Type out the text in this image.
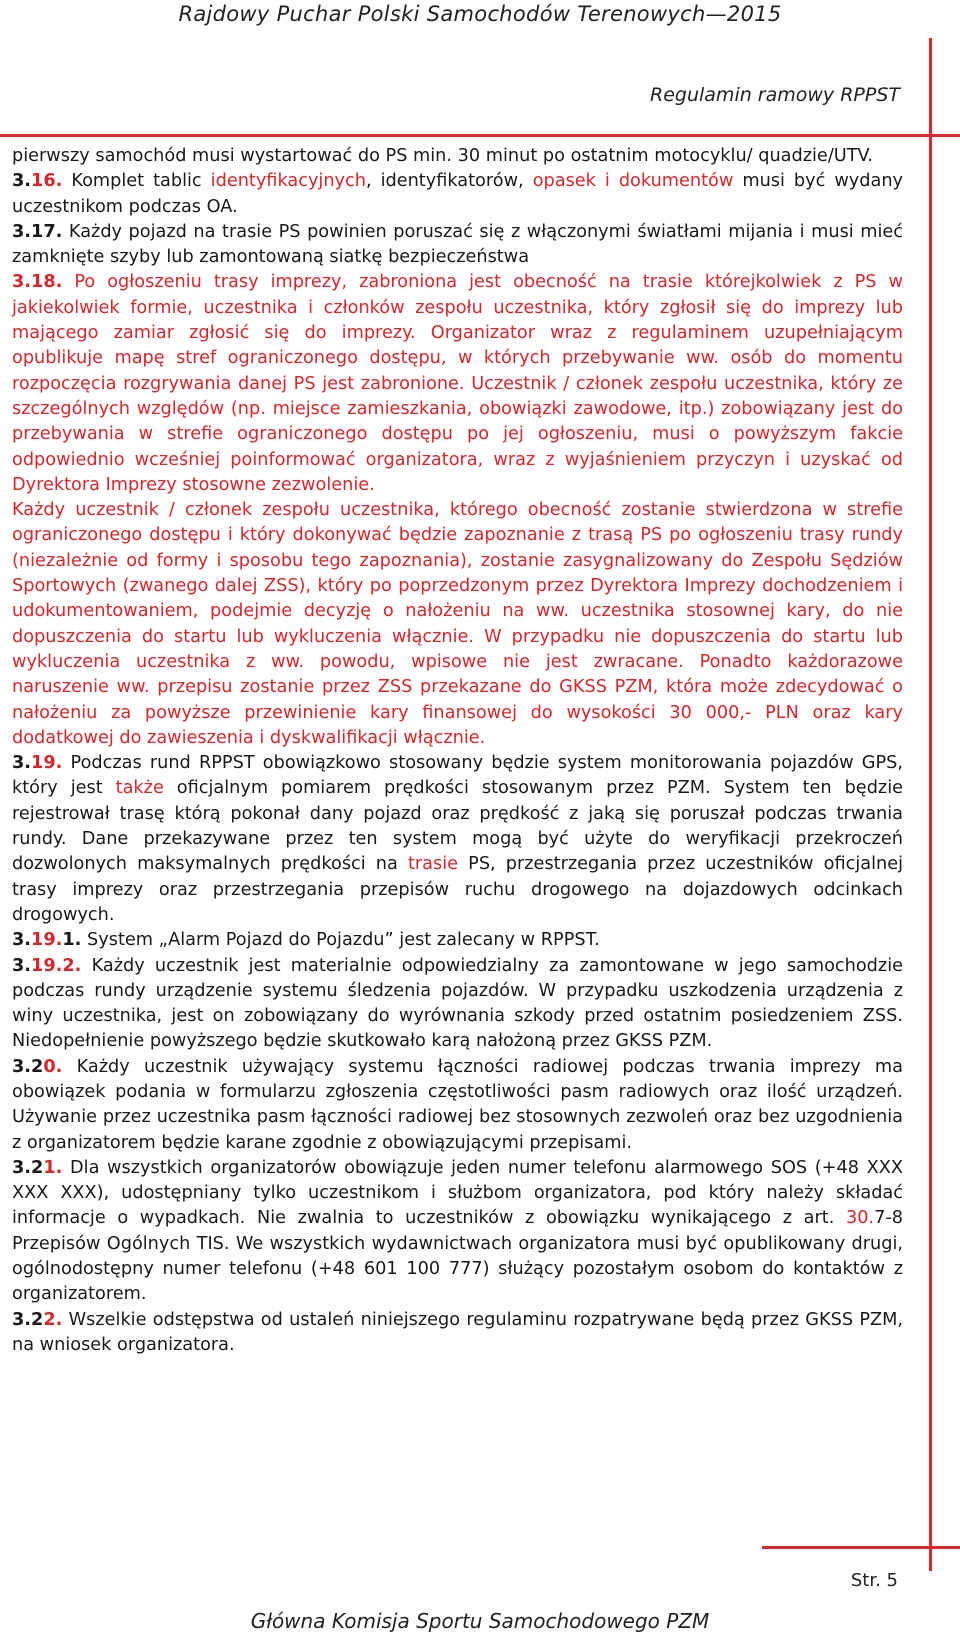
Rajdowy Puchar Polski Samochodów Terenowych—2015
Regulamin ramowy RPPST

pierwszy samochód musi wystartować do PS min. 30 minut po ostatnim motocyklu/ quadzie/UTV.

3.16. Komplet tablic identyfikacyjnych, identyfikatorów, opasek i dokumentów musi być wydany uczestnikom podczas OA.

3.17. Każdy pojazd na trasie PS powinien poruszać się z włączonymi światłami mijania i musi mieć zamknięte szyby lub zamontowaną siatkę bezpieczeństwa

3.18. Po ogłoszeniu trasy imprezy, zabroniona jest obecność na trasie którejkolwiek z PS w jakiekolwiek formie, uczestnika i członków zespołu uczestnika, który zgłosił się do imprezy lub mającego zamiar zgłosić się do imprezy. Organizator wraz z regulaminem uzupełniającym opublikuje mapę stref ograniczonego dostępu, w których przebywanie ww. osób do momentu rozpoczęcia rozgrywania danej PS jest zabronione. Uczestnik / członek zespołu uczestnika, który ze szczególnych względów (np. miejsce zamieszkania, obowiązki zawodowe, itp.) zobowiązany jest do przebywania w strefie ograniczonego dostępu po jej ogłoszeniu, musi o powyższym fakcie odpowiednio wcześniej poinformować organizatora, wraz z wyjaśnieniem przyczyn i uzyskać od Dyrektora Imprezy stosowne zezwolenie.

Każdy uczestnik / członek zespołu uczestnika, którego obecność zostanie stwierdzona w strefie ograniczonego dostępu i który dokonywać będzie zapoznanie z trasą PS po ogłoszeniu trasy rundy (niezależnie od formy i sposobu tego zapoznania), zostanie zasygnalizowany do Zespołu Sędziów Sportowych (zwanego dalej ZSS), który po poprzedzonym przez Dyrektora Imprezy dochodzeniem i udokumentowaniem, podejmie decyzję o nałożeniu na ww. uczestnika stosownej kary, do nie dopuszczenia do startu lub wykluczenia włącznie. W przypadku nie dopuszczenia do startu lub wykluczenia uczestnika z ww. powodu, wpisowe nie jest zwracane. Ponadto każdorazowe naruszenie ww. przepisu zostanie przez ZSS przekazane do GKSS PZM, która może zdecydować o nałożeniu za powyższe przewinienie kary finansowej do wysokości 30 000,- PLN oraz kary dodatkowej do zawieszenia i dyskwalifikacji włącznie.

3.19. Podczas rund RPPST obowiązkowo stosowany będzie system monitorowania pojazdów GPS, który jest także oficjalnym pomiarem prędkości stosowanym przez PZM. System ten będzie rejestrował trasę którą pokonał dany pojazd oraz prędkość z jaką się poruszał podczas trwania rundy. Dane przekazywane przez ten system mogą być użyte do weryfikacji przekroczeń dozwolonych maksymalnych prędkości na trasie PS, przestrzegania przez uczestników oficjalnej trasy imprezy oraz przestrzegania przepisów ruchu drogowego na dojazdowych odcinkach drogowych.

3.19.1. System „Alarm Pojazd do Pojazdu” jest zalecany w RPPST.

3.19.2. Każdy uczestnik jest materialnie odpowiedzialny za zamontowane w jego samochodzie podczas rundy urządzenie systemu śledzenia pojazdów. W przypadku uszkodzenia urządzenia z winy uczestnika, jest on zobowiązany do wyrównania szkody przed ostatnim posiedzeniem ZSS. Niedopełnienie powyższego będzie skutkowało karą nałożoną przez GKSS PZM.

3.20. Każdy uczestnik używający systemu łączności radiowej podczas trwania imprezy ma obowiązek podania w formularzu zgłoszenia częstotliwości pasm radiowych oraz ilość urządzeń. Używanie przez uczestnika pasm łączności radiowej bez stosownych zezwoleń oraz bez uzgodnienia z organizatorem będzie karane zgodnie z obowiązującymi przepisami.

3.21. Dla wszystkich organizatorów obowiązuje jeden numer telefonu alarmowego SOS (+48 XXX XXX XXX), udostępniany tylko uczestnikom i służbom organizatora, pod który należy składać informacje o wypadkach. Nie zwalnia to uczestników z obowiązku wynikającego z art. 30.7-8 Przepisów Ogólnych TIS. We wszystkich wydawnictwach organizatora musi być opublikowany drugi, ogólnodostępny numer telefonu (+48 601 100 777) służący pozostałym osobom do kontaktów z organizatorem.

3.22. Wszelkie odstępstwa od ustaleń niniejszego regulaminu rozpatrywane będą przez GKSS PZM, na wniosek organizatora.

Str. 5
Główna Komisja Sportu Samochodowego PZM
